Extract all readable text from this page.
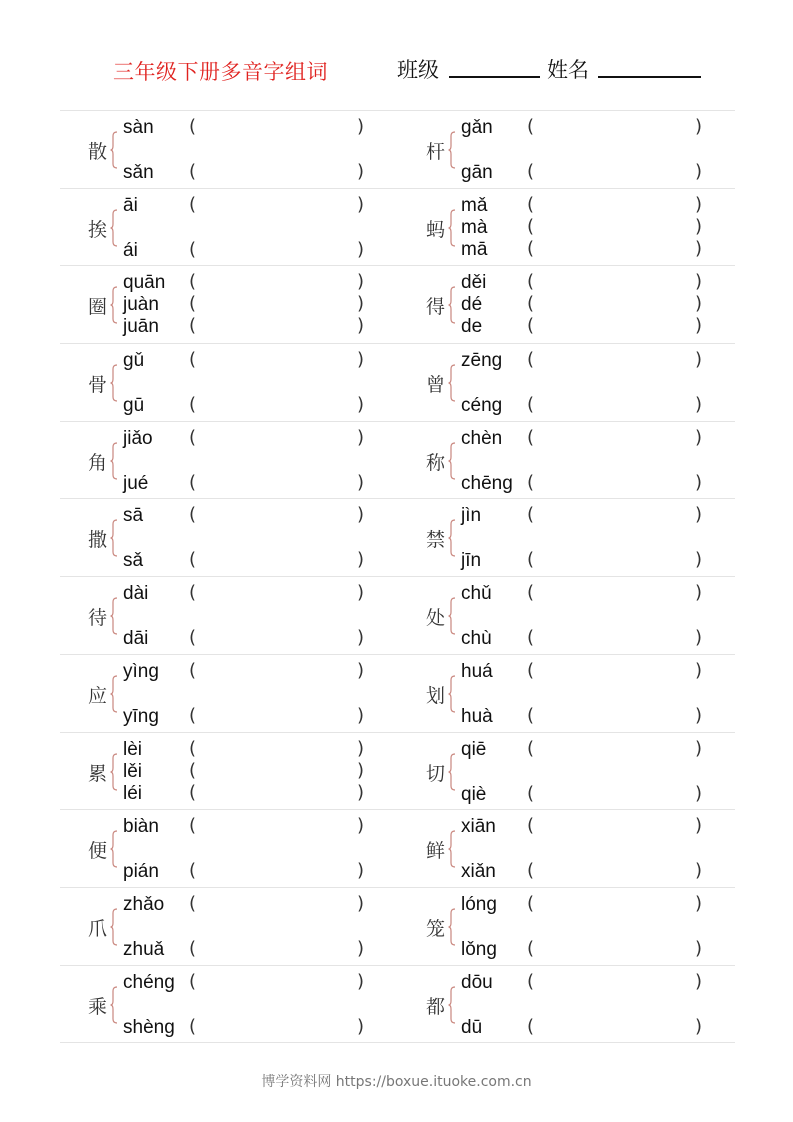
三年级下册多音字组词	班级	姓名
散
sàn (	)
sǎn (	)
杆
gǎn (	)
gān (	)
挨
āi	(	)
ái	(	)
蚂
mǎ (	)
mà (	)
mā (	)
圈
quān (	)
juàn (	)
juān (	)
得
děi (	)
dé (	)
de (	)
骨
gǔ (	)
gū (	)
曾
zēng (	)
céng (	)
角
jiǎo (	)
jué (	)
称
chèn (	)
chēng (	)
撒
sā	(	)
sǎ	(	)
禁
jìn	(	)
jīn	(	)
待
dài (	)
dāi (	)
处
chǔ (	)
chù (	)
应
yìng (	)
yīng (	)
划
huá (	)
huà (	)
累
lèi	(	)
lěi	(	)
léi	(	)
切
qiē (	)
qiè (	)
便
biàn (	)
pián (	)
鲜
xiān (	)
xiǎn (	)
爪
zhǎo (	)
zhuǎ (	)
笼
lóng (	)
lǒng (	)
乘
chéng (	)
shèng (	)
都
dōu (	)
dū (	)
博学资料网 https://boxue.ituoke.com.cn
